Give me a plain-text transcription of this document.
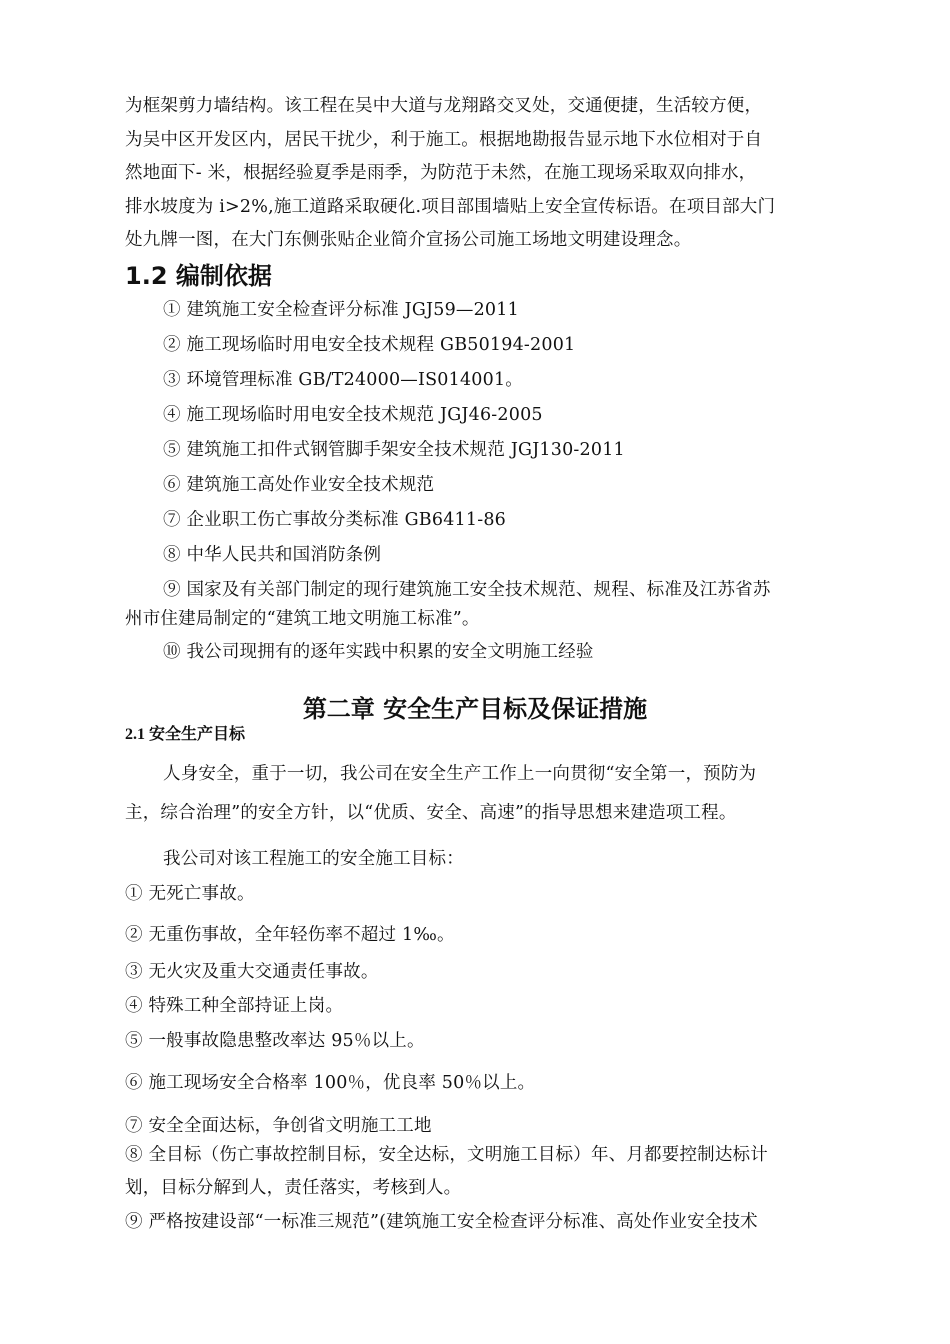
为框架剪力墙结构。该工程在吴中大道与龙翔路交叉处，交通便捷，生活较方便，
为吴中区开发区内，居民干扰少，利于施工。根据地勘报告显示地下水位相对于自
然地面下- 米，根据经验夏季是雨季，为防范于未然，在施工现场采取双向排水，
排水坡度为 i>2%,施工道路采取硬化.项目部围墙贴上安全宣传标语。在项目部大门
处九牌一图，在大门东侧张贴企业简介宣扬公司施工场地文明建设理念。
1.2 编制依据
① 建筑施工安全检查评分标准 JGJ59—2011
② 施工现场临时用电安全技术规程 GB50194-2001
③ 环境管理标准 GB/T24000—IS014001。
④ 施工现场临时用电安全技术规范 JGJ46-2005
⑤ 建筑施工扣件式钢管脚手架安全技术规范 JGJ130-2011
⑥ 建筑施工高处作业安全技术规范
⑦ 企业职工伤亡事故分类标准 GB6411-86
⑧ 中华人民共和国消防条例
⑨ 国家及有关部门制定的现行建筑施工安全技术规范、规程、标准及江苏省苏
州市住建局制定的“建筑工地文明施工标准”。
⑩ 我公司现拥有的逐年实践中积累的安全文明施工经验
第二章 安全生产目标及保证措施
2.1 安全生产目标
人身安全，重于一切，我公司在安全生产工作上一向贯彻“安全第一，预防为
主，综合治理”的安全方针，以“优质、安全、高速”的指导思想来建造项工程。
我公司对该工程施工的安全施工目标：
① 无死亡事故。
② 无重伤事故，全年轻伤率不超过 1‰。
③ 无火灾及重大交通责任事故。
④ 特殊工种全部持证上岗。
⑤ 一般事故隐患整改率达 95％以上。
⑥ 施工现场安全合格率 100％，优良率 50％以上。
⑦ 安全全面达标，争创省文明施工工地
⑧ 全目标（伤亡事故控制目标，安全达标，文明施工目标）年、月都要控制达标计
划，目标分解到人，责任落实，考核到人。
⑨ 严格按建设部“一标准三规范”(建筑施工安全检查评分标准、高处作业安全技术
